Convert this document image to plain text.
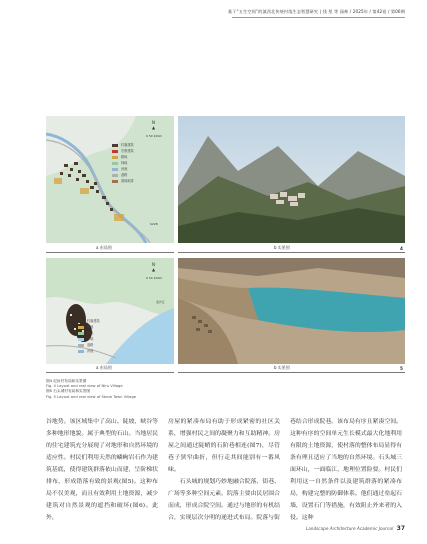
基于“五生空间”的滇西北传统村落生态智慧研究 | 钱 堃 等 园林 / 2025年 / 第42卷 / 第06期
村落建筑
宗教建筑
耕地
林地
河流
道路
滑坡地带
N
▲
0 50 100m
S228
a 布局图	b 实景图	4
村落建筑
耕地
林地
水域
道路
河流
N
▲
0 50 100m
金沙江
a 布局图	b 实景图	5
图4 尼汝村布局和实景图
Fig. 4 Layout and real view of Niru Village
图5 石头城村布局和实景图
Fig. 5 Layout and real view of Stone Town Village

谷地势。该区域集中了高山、陡坡、峡谷等多种地形地貌。属于典型的石山。当地居民的住宅建筑充分展现了对地形和自然环境的适应性。村民们利用天然的嶙峋岩石作为建筑基底，使得建筑群落依山而建，呈阶梯状排布，形成错落有致的景观(图5)。这种布局不仅美观，而且有效利用土地资源，减少建筑对自然景观的遮挡和破坏(图6)。此外，

房屋的紧凑布局有助于形成紧密的社区关系，增强村民之间的凝聚力和互助精神。房屋之间通过陡峭的石阶巷相连(图7)，尽管巷子狭窄曲折，但行走其间能别有一番风味。

石头城的规划巧妙地融合院落、街巷、广场等多种空间元素。院落主要由民居围合而成，形成合院空间。通过与地形的有机结合，实现层次分明的递进式布局。院落与街

巷结合形成院巷。该布局有序且紧凑空间。这种有序的空间单元生长模式最大化地利用有限的土地资源，使村落的整体布局显得有条有理且适应了当地的自然环境。石头城三面环山，一面临江，地理位置险要。村民们利用这一自然条件以及建筑群落的紧凑布局，构建完整的防御体系。他们通过垒起石墙，设置石门等措施，有效阻止外来者的入侵。这种

Landscape Architecture Academic Journal 37
